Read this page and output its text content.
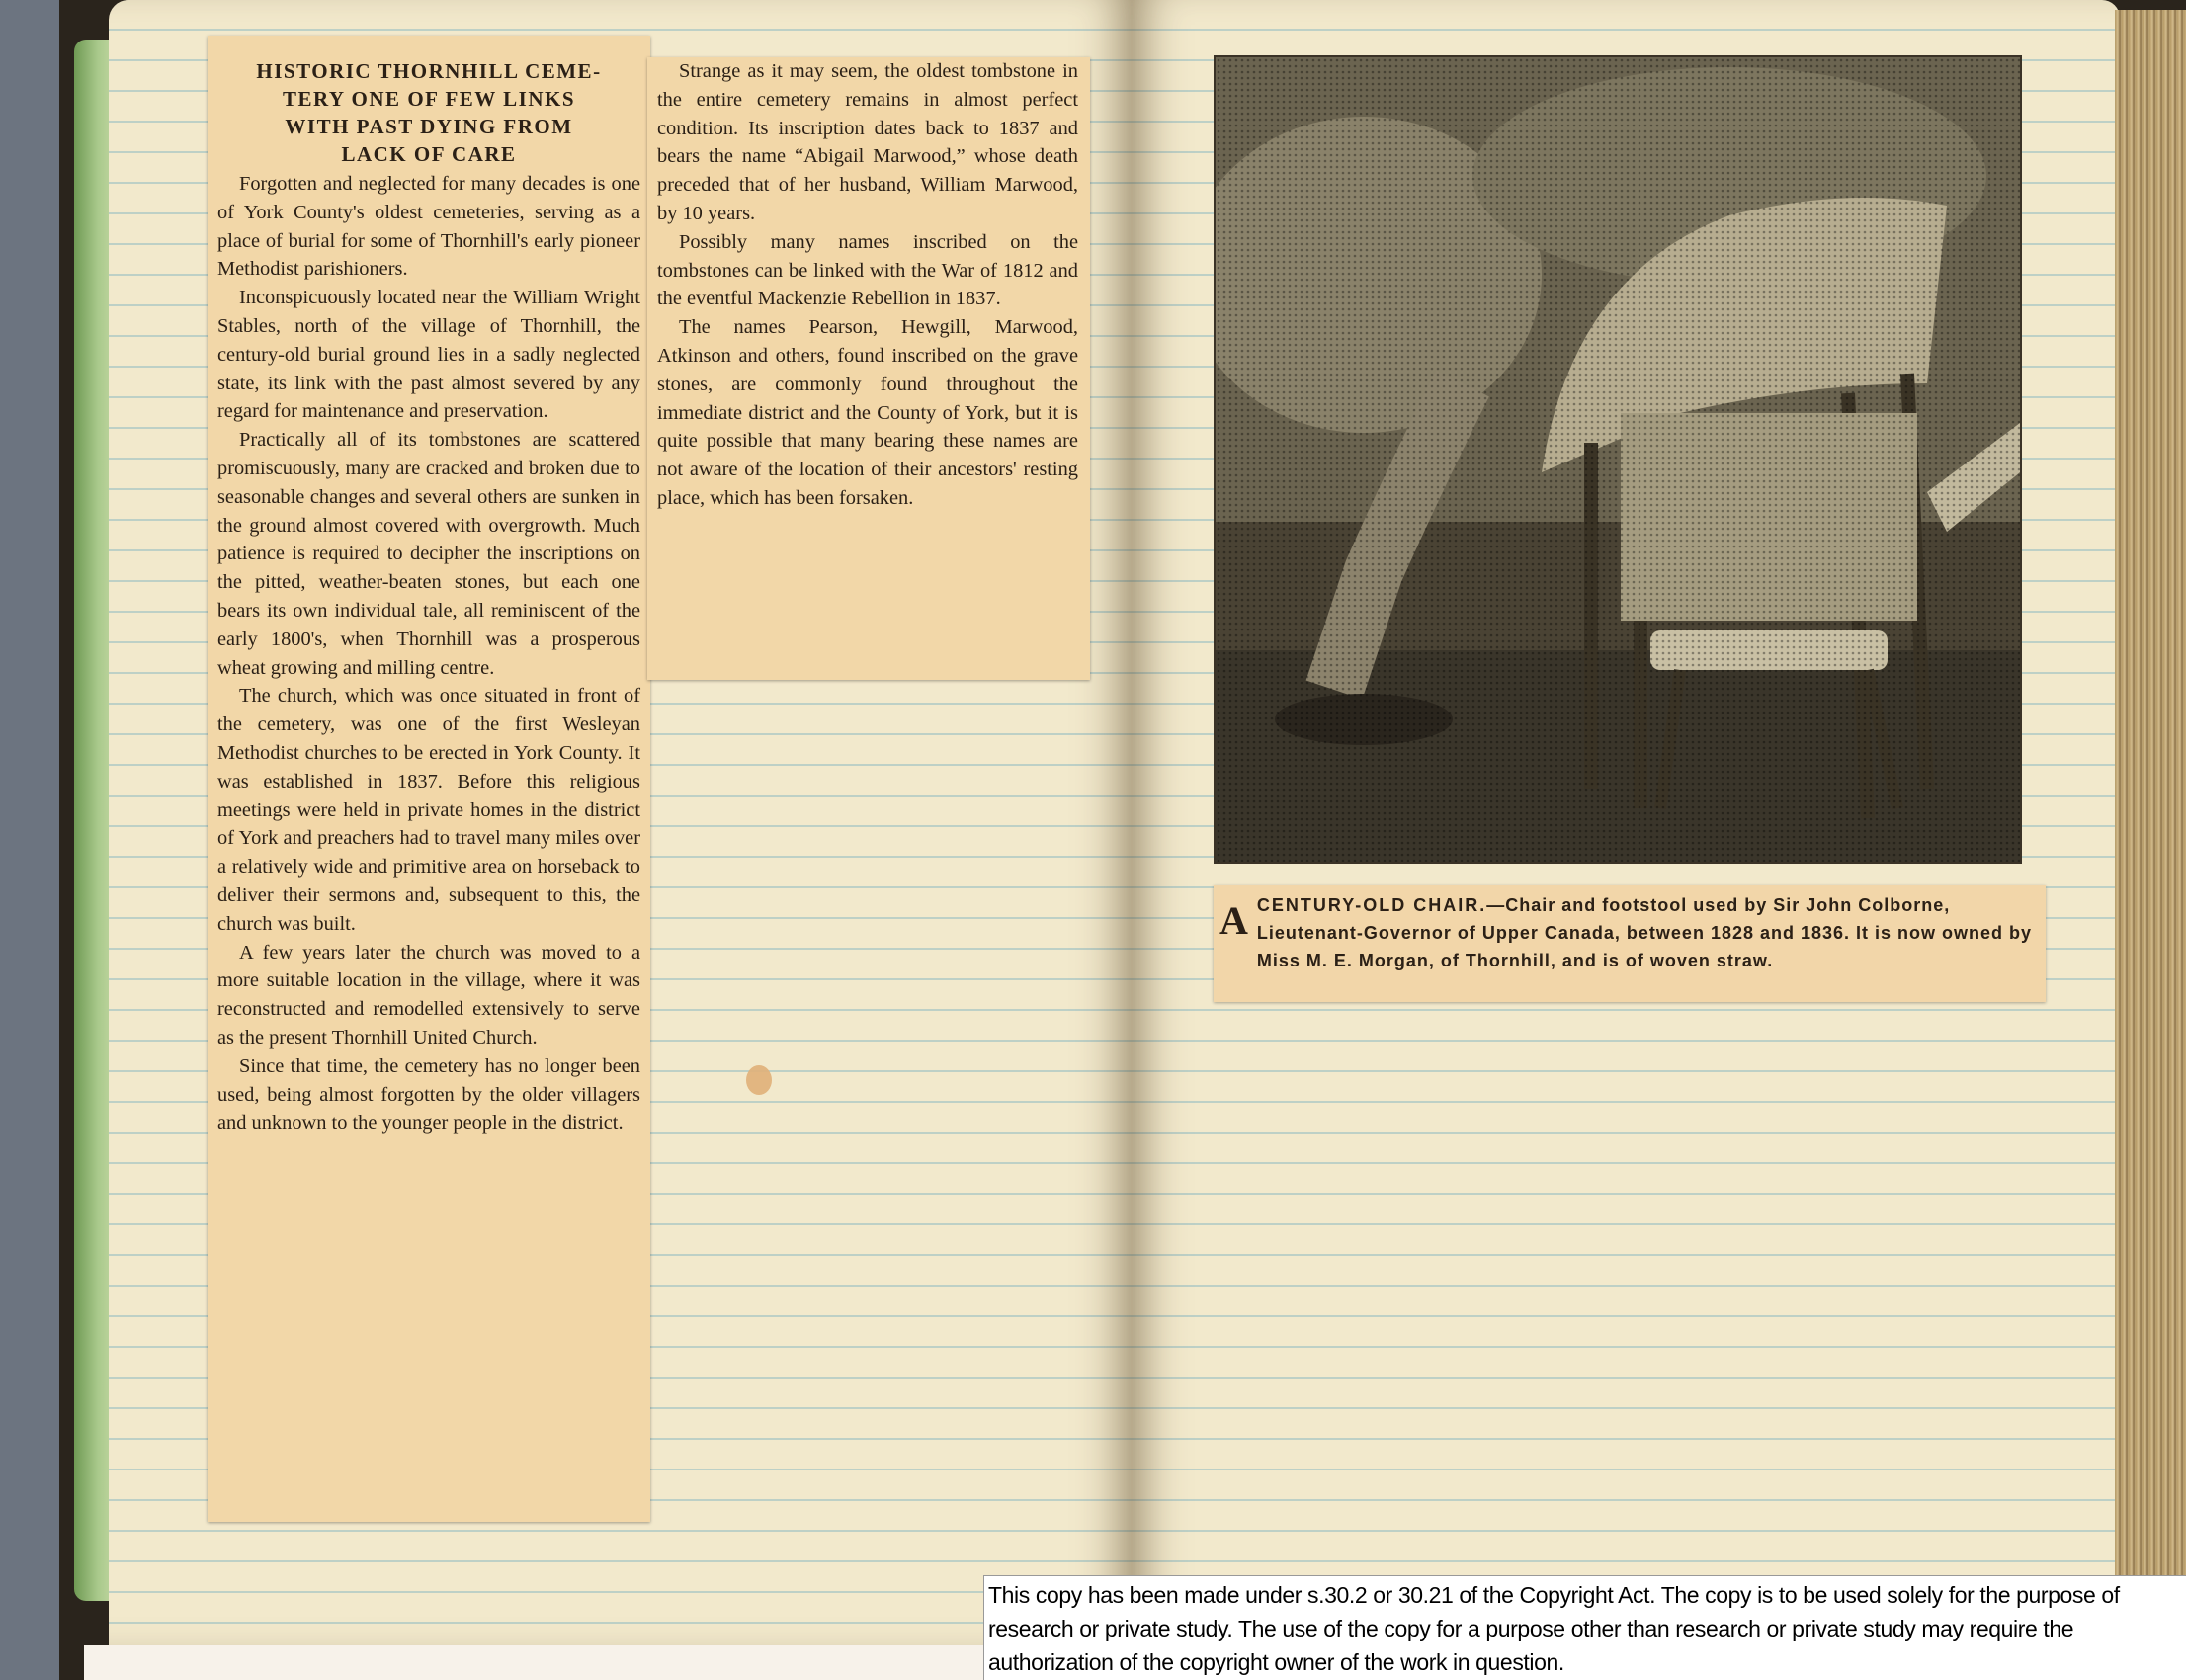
HISTORIC THORNHILL CEME-
TERY ONE OF FEW LINKS
WITH PAST DYING FROM
LACK OF CARE

Forgotten and neglected for many decades is one of York County's oldest cemeteries, serving as a place of burial for some of Thornhill's early pioneer Methodist parishioners.

Inconspicuously located near the William Wright Stables, north of the village of Thornhill, the century-old burial ground lies in a sadly neglected state, its link with the past almost severed by any regard for maintenance and preservation.

Practically all of its tombstones are scattered promiscuously, many are cracked and broken due to seasonable changes and several others are sunken in the ground almost covered with overgrowth. Much patience is required to decipher the inscriptions on the pitted, weather-beaten stones, but each one bears its own individual tale, all reminiscent of the early 1800's, when Thornhill was a prosperous wheat growing and milling centre.

The church, which was once situated in front of the cemetery, was one of the first Wesleyan Methodist churches to be erected in York County. It was established in 1837. Before this religious meetings were held in private homes in the district of York and preachers had to travel many miles over a relatively wide and primitive area on horseback to deliver their sermons and, subsequent to this, the church was built.

A few years later the church was moved to a more suitable location in the village, where it was reconstructed and remodelled extensively to serve as the present Thornhill United Church.

Since that time, the cemetery has no longer been used, being almost forgotten by the older villagers and unknown to the younger people in the district.

Strange as it may seem, the oldest tombstone in the entire cemetery remains in almost perfect condition. Its inscription dates back to 1837 and bears the name “Abigail Marwood,” whose death preceded that of her husband, William Marwood, by 10 years.

Possibly many names inscribed on the tombstones can be linked with the War of 1812 and the eventful Mackenzie Rebellion in 1837.

The names Pearson, Hewgill, Marwood, Atkinson and others, found inscribed on the grave stones, are commonly found throughout the immediate district and the County of York, but it is quite possible that many bearing these names are not aware of the location of their ancestors' resting place, which has been forsaken.

A CENTURY-OLD CHAIR.—Chair and footstool used by Sir John Colborne, Lieutenant-Governor of Upper Canada, between 1828 and 1836. It is now owned by Miss M. E. Morgan, of Thornhill, and is of woven straw.
This copy has been made under s.30.2 or 30.21 of the Copyright Act. The copy is to be used solely for the purpose of research or private study. The use of the copy for a purpose other than research or private study may require the authorization of the copyright owner of the work in question.
